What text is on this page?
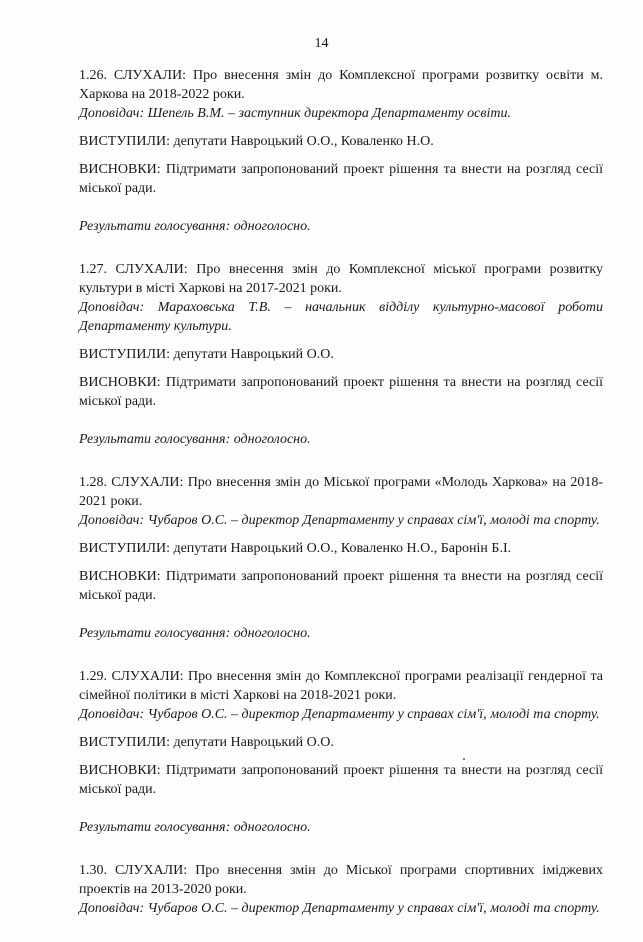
14

1.26. СЛУХАЛИ: Про внесення змін до Комплексної програми розвитку освіти м. Харкова на 2018-2022 роки.

Доповідач: Шепель В.М. – заступник директора Департаменту освіти.

ВИСТУПИЛИ: депутати Навроцький О.О., Коваленко Н.О.

ВИСНОВКИ: Підтримати запропонований проект рішення та внести на розгляд сесії міської ради.

Результати голосування: одноголосно.

1.27. СЛУХАЛИ: Про внесення змін до Комплексної міської програми розвитку культури в місті Харкові на 2017-2021 роки.

Доповідач: Мараховська Т.В. – начальник відділу культурно-масової роботи Департаменту культури.

ВИСТУПИЛИ: депутати Навроцький О.О.

ВИСНОВКИ: Підтримати запропонований проект рішення та внести на розгляд сесії міської ради.

Результати голосування: одноголосно.

1.28. СЛУХАЛИ: Про внесення змін до Міської програми «Молодь Харкова» на 2018-2021 роки.

Доповідач: Чубаров О.С. – директор Департаменту у справах сім'ї, молоді та спорту.

ВИСТУПИЛИ: депутати Навроцький О.О., Коваленко Н.О., Баронін Б.І.

ВИСНОВКИ: Підтримати запропонований проект рішення та внести на розгляд сесії міської ради.

Результати голосування: одноголосно.

1.29. СЛУХАЛИ: Про внесення змін до Комплексної програми реалізації гендерної та сімейної політики в місті Харкові на 2018-2021 роки.

Доповідач: Чубаров О.С. – директор Департаменту у справах сім'ї, молоді та спорту.

ВИСТУПИЛИ: депутати Навроцький О.О.

ВИСНОВКИ: Підтримати запропонований проект рішення та внести на розгляд сесії міської ради.

Результати голосування: одноголосно.

1.30. СЛУХАЛИ: Про внесення змін до Міської програми спортивних іміджевих проектів на 2013-2020 роки.

Доповідач: Чубаров О.С. – директор Департаменту у справах сім'ї, молоді та спорту.
